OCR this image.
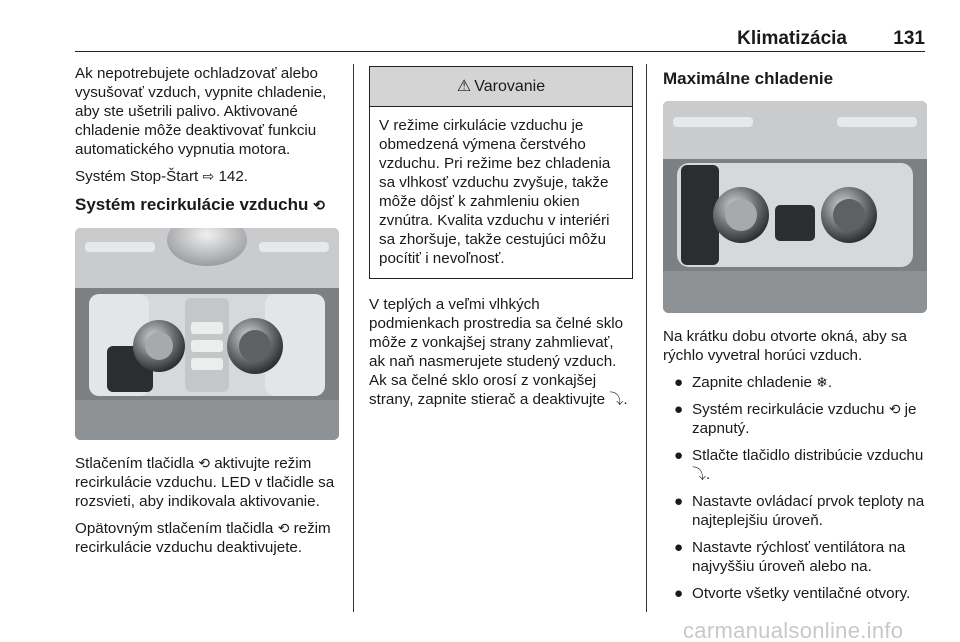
Klimatizácia 131

Ak nepotrebujete ochladzovať alebo vysušovať vzduch, vypnite chladenie, aby ste ušetrili palivo. Aktivované chladenie môže deaktivovať funkciu automatického vypnutia motora.

Systém Stop-Štart ⇨ 142.

Systém recirkulácie vzduchu ⟲

Stlačením tlačidla ⟲ aktivujte režim recirkulácie vzduchu. LED v tlačidle sa rozsvieti, aby indikovala aktivovanie.

Opätovným stlačením tlačidla ⟲ režim recirkulácie vzduchu deaktivujete.

⚠ Varovanie
V režime cirkulácie vzduchu je obmedzená výmena čerstvého vzduchu. Pri režime bez chladenia sa vlhkosť vzduchu zvyšuje, takže môže dôjsť k zahmleniu okien zvnútra. Kvalita vzduchu v interiéri sa zhoršuje, takže cestujúci môžu pocítiť i nevoľnosť.

V teplých a veľmi vlhkých podmienkach prostredia sa čelné sklo môže z vonkajšej strany zahmlievať, ak naň nasmerujete studený vzduch. Ak sa čelné sklo orosí z vonkajšej strany, zapnite stierač a deaktivujte ⤵.

Maximálne chladenie

Na krátku dobu otvorte okná, aby sa rýchlo vyvetral horúci vzduch.

● Zapnite chladenie ❄.
● Systém recirkulácie vzduchu ⟲ je zapnutý.
● Stlačte tlačidlo distribúcie vzduchu ⤵.
● Nastavte ovládací prvok teploty na najteplejšiu úroveň.
● Nastavte rýchlosť ventilátora na najvyššiu úroveň alebo na.
● Otvorte všetky ventilačné otvory.
carmanualsonline.info
